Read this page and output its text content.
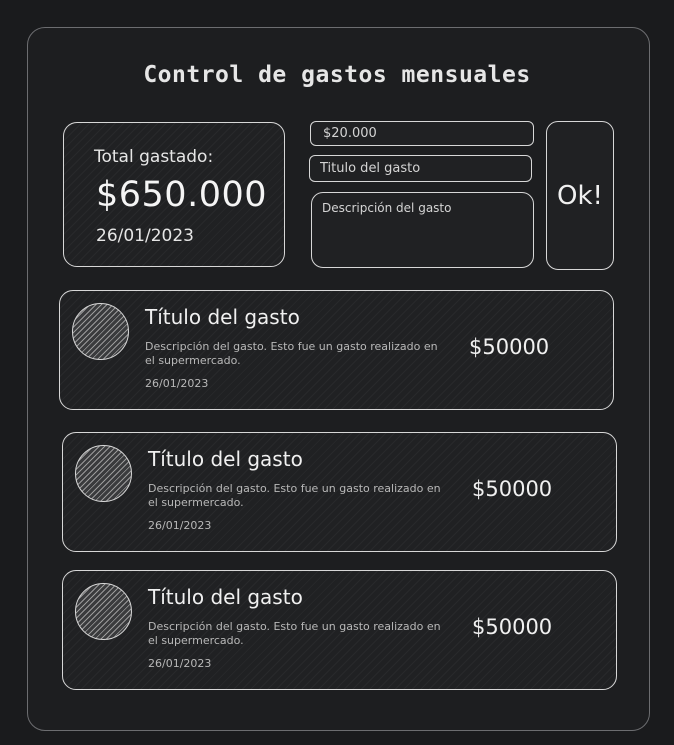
Control de gastos mensuales
Total gastado:
$650.000
26/01/2023
$20.000
Titulo del gasto
Descripción del gasto
Ok!
Título del gasto
Descripción del gasto. Esto fue un gasto realizado en el supermercado.
26/01/2023
$50000
Título del gasto
Descripción del gasto. Esto fue un gasto realizado en el supermercado.
26/01/2023
$50000
Título del gasto
Descripción del gasto. Esto fue un gasto realizado en el supermercado.
26/01/2023
$50000
